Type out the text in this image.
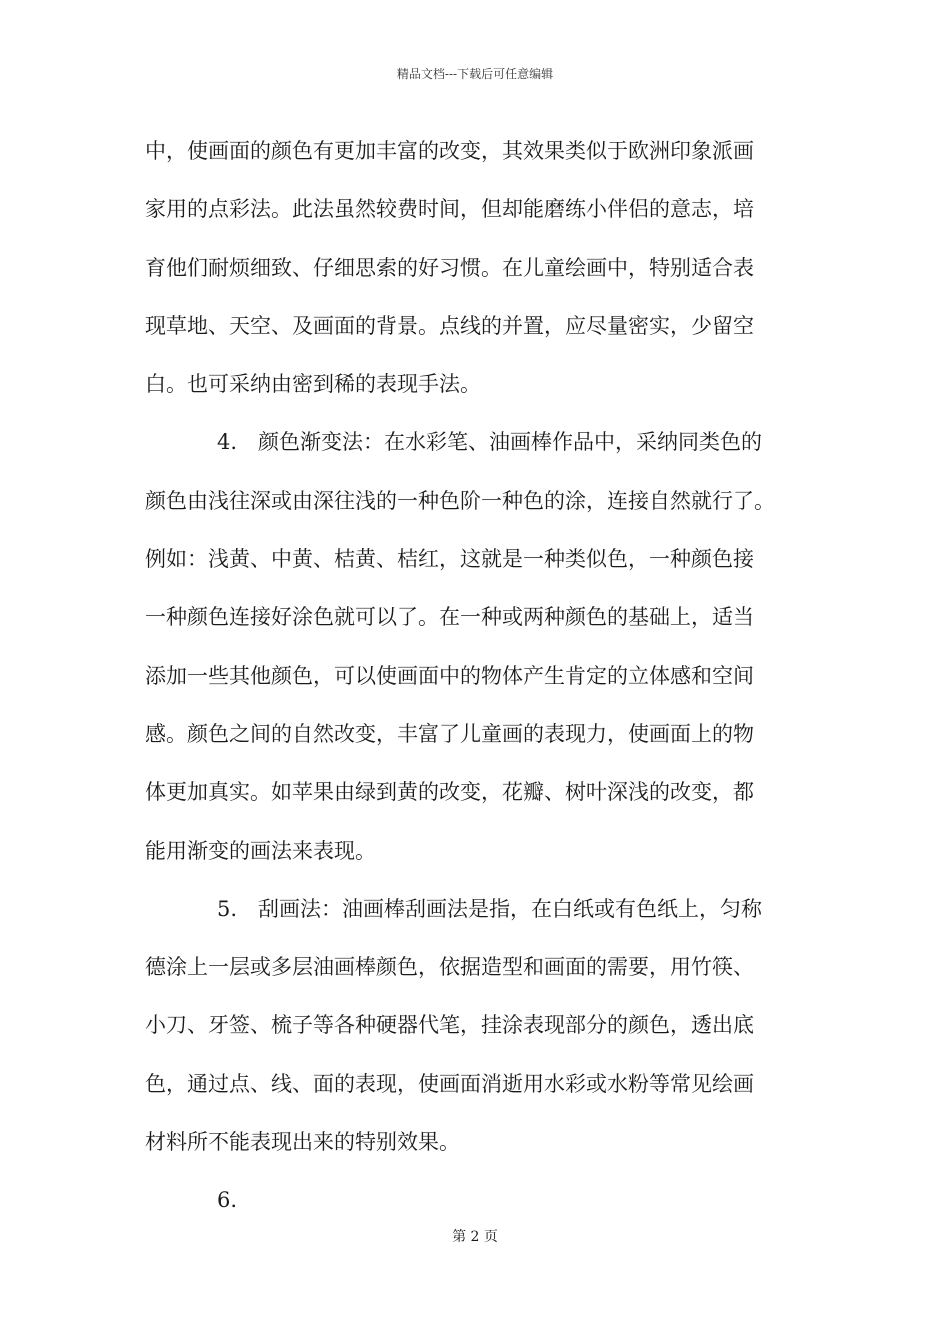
精品文档---下载后可任意编辑
中，使画面的颜色有更加丰富的改变，其效果类似于欧洲印象派画
家用的点彩法。此法虽然较费时间，但却能磨练小伴侣的意志，培
育他们耐烦细致、仔细思索的好习惯。在儿童绘画中，特别适合表
现草地、天空、及画面的背景。点线的并置，应尽量密实，少留空
白。也可采纳由密到稀的表现手法。
4.　颜色渐变法：在水彩笔、油画棒作品中，采纳同类色的
颜色由浅往深或由深往浅的一种色阶一种色的涂，连接自然就行了。
例如：浅黄、中黄、桔黄、桔红，这就是一种类似色，一种颜色接
一种颜色连接好涂色就可以了。在一种或两种颜色的基础上，适当
添加一些其他颜色，可以使画面中的物体产生肯定的立体感和空间
感。颜色之间的自然改变，丰富了儿童画的表现力，使画面上的物
体更加真实。如苹果由绿到黄的改变，花瓣、树叶深浅的改变，都
能用渐变的画法来表现。
5.　刮画法：油画棒刮画法是指，在白纸或有色纸上，匀称
德涂上一层或多层油画棒颜色，依据造型和画面的需要，用竹筷、
小刀、牙签、梳子等各种硬器代笔，挂涂表现部分的颜色，透出底
色，通过点、线、面的表现，使画面消逝用水彩或水粉等常见绘画
材料所不能表现出来的特别效果。
6.
第 2 页
